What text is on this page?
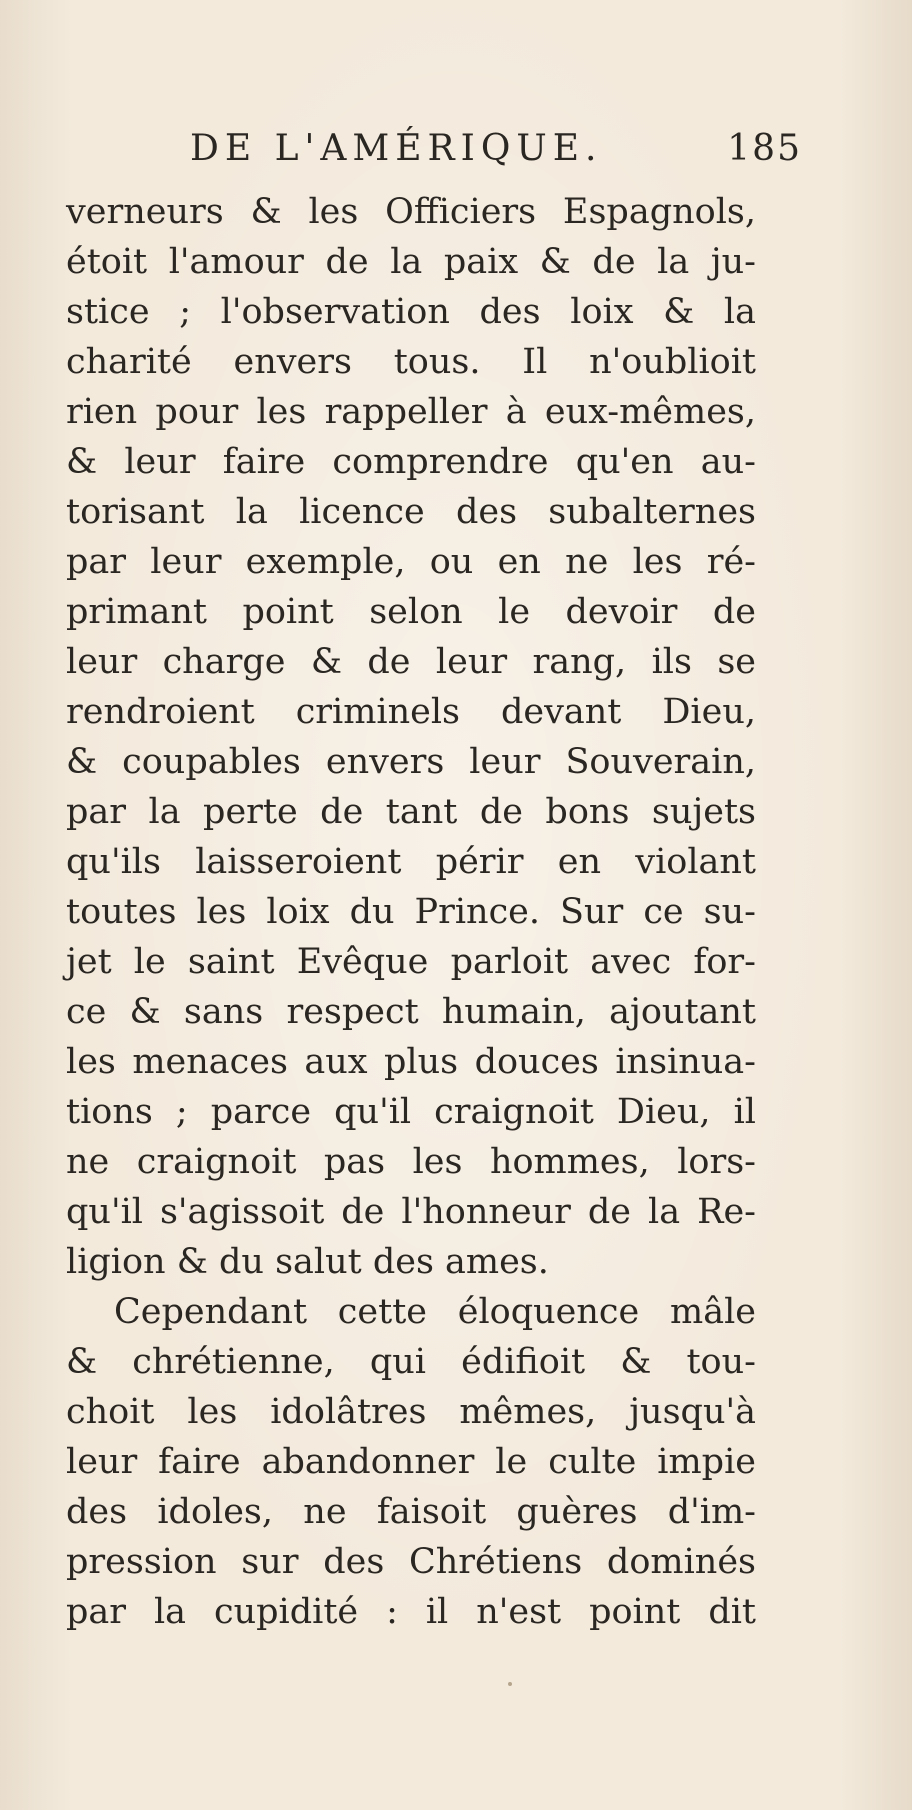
DE L'AMÉRIQUE.	185
verneurs & les Officiers Espagnols,
étoit l'amour de la paix & de la ju-
stice ; l'observation des loix & la
charité envers tous. Il n'oublioit
rien pour les rappeller à eux-mêmes,
& leur faire comprendre qu'en au-
torisant la licence des subalternes
par leur exemple, ou en ne les ré-
primant point selon le devoir de
leur charge & de leur rang, ils se
rendroient criminels devant Dieu,
& coupables envers leur Souverain,
par la perte de tant de bons sujets
qu'ils laisseroient périr en violant
toutes les loix du Prince. Sur ce su-
jet le saint Evêque parloit avec for-
ce & sans respect humain, ajoutant
les menaces aux plus douces insinua-
tions ; parce qu'il craignoit Dieu, il
ne craignoit pas les hommes, lors-
qu'il s'agissoit de l'honneur de la Re-
ligion & du salut des ames.
Cependant cette éloquence mâle
& chrétienne, qui édifioit & tou-
choit les idolâtres mêmes, jusqu'à
leur faire abandonner le culte impie
des idoles, ne faisoit guères d'im-
pression sur des Chrétiens dominés
par la cupidité : il n'est point dit
